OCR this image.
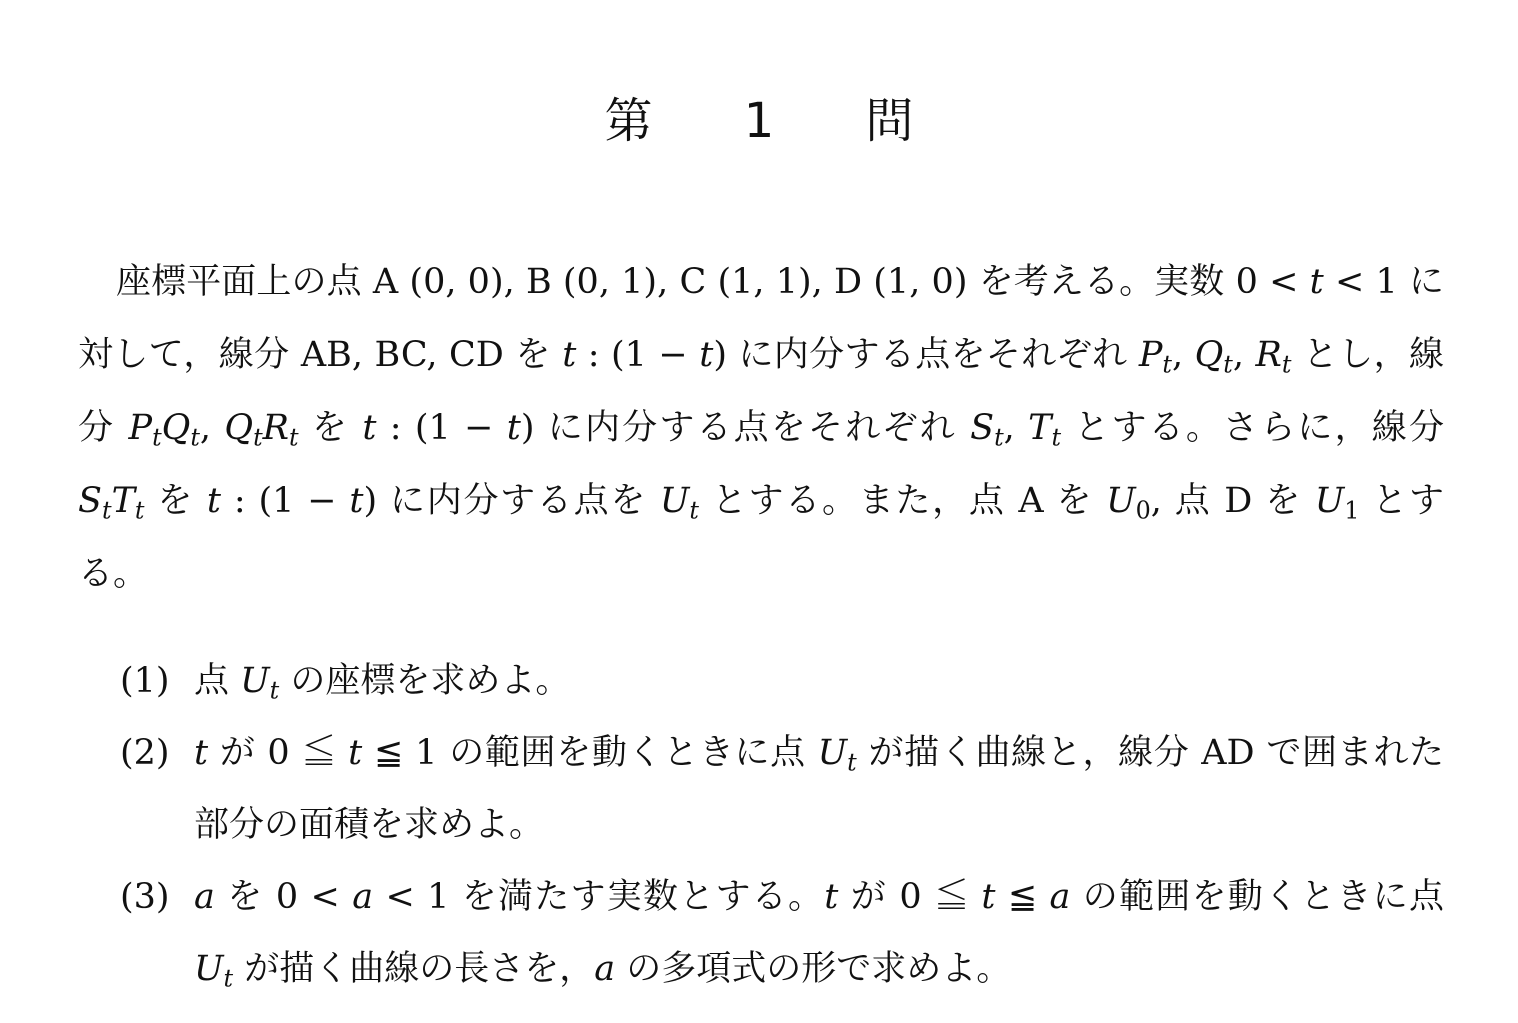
第 1 問
座標平面上の点 A (0, 0), B (0, 1), C (1, 1), D (1, 0) を考える。実数 0 < t < 1 に対して，線分 AB, BC, CD を t : (1 − t) に内分する点をそれぞれ $P_t$, $Q_t$, $R_t$ とし，線分 $P_tQ_t$, $Q_tR_t$ を t : (1 − t) に内分する点をそれぞれ $S_t$, $T_t$ とする。さらに，線分 $S_tT_t$ を t : (1 − t) に内分する点を $U_t$ とする。また，点 A を $U_0$, 点 D を $U_1$ とする。
(1) 点 $U_t$ の座標を求めよ。
(2) t が 0 ≦ t ≦ 1 の範囲を動くときに点 $U_t$ が描く曲線と，線分 AD で囲まれた部分の面積を求めよ。
(3) a を 0 < a < 1 を満たす実数とする。t が 0 ≦ t ≦ a の範囲を動くときに点 $U_t$ が描く曲線の長さを，a の多項式の形で求めよ。
